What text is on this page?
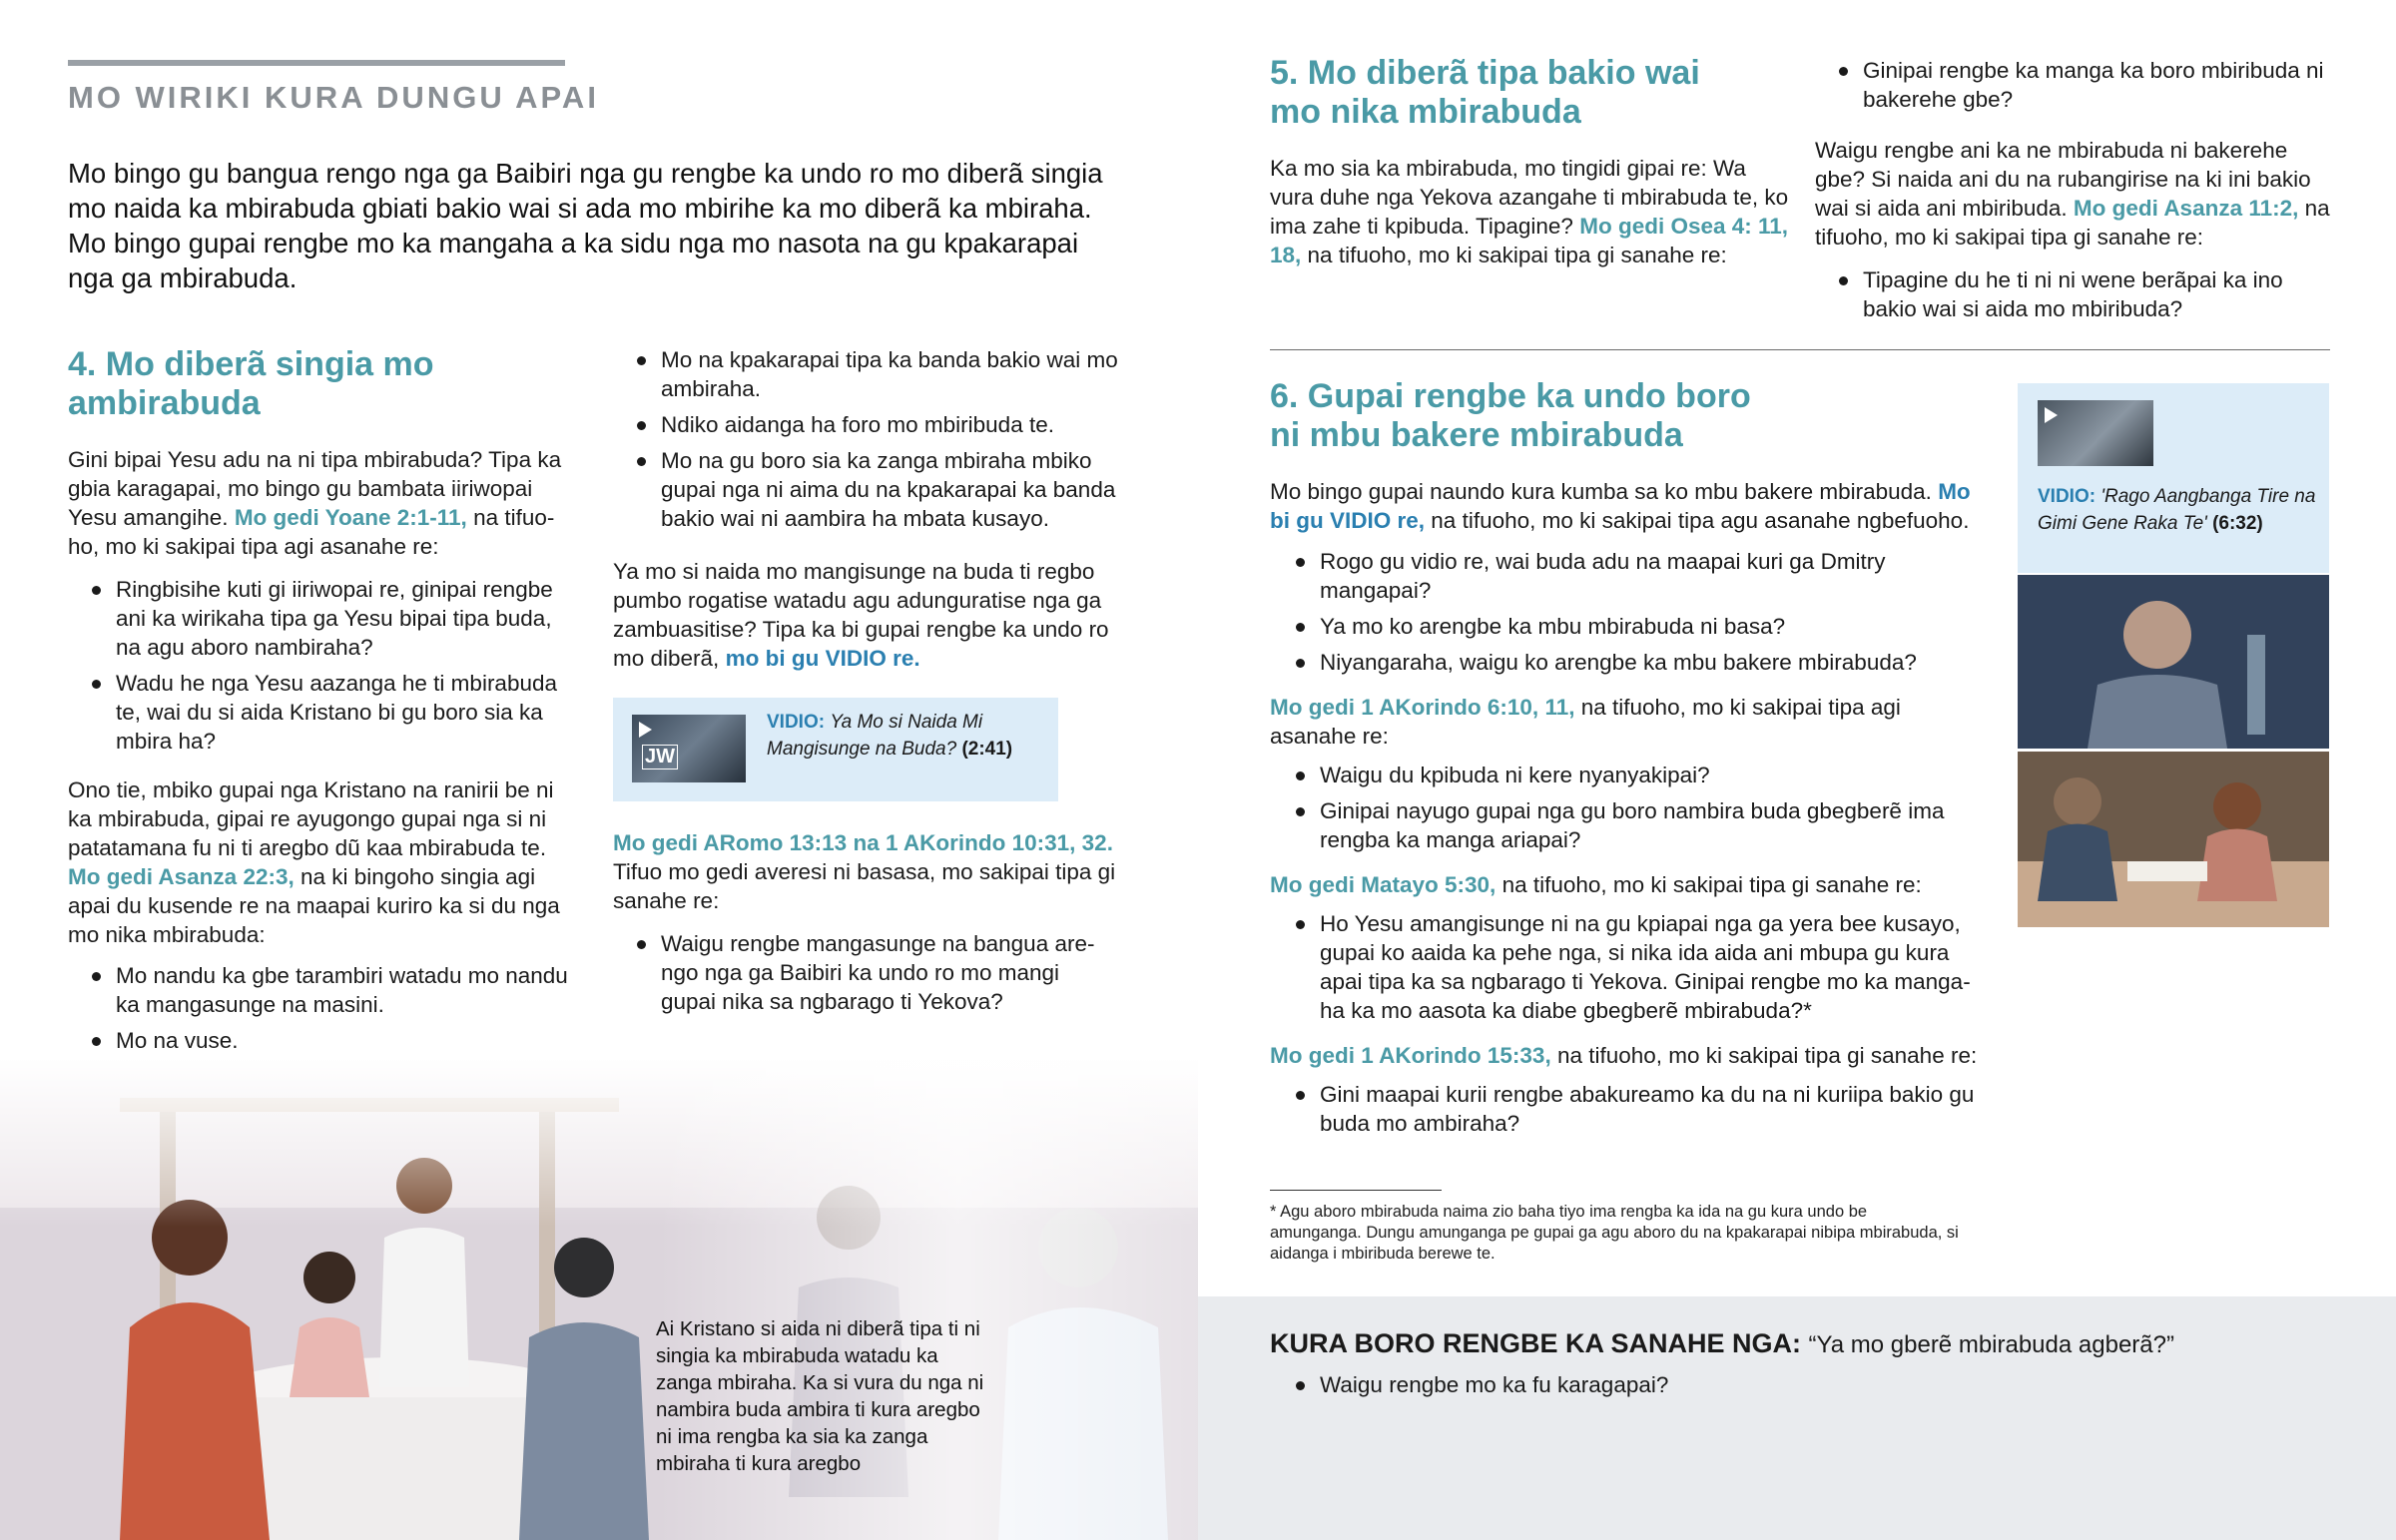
MO WIRIKI KURA DUNGU APAI
Mo bingo gu bangua rengo nga ga Baibiri nga gu rengbe ka undo ro mo diberã singia mo naida ka mbirabuda gbiati bakio wai si ada mo mbirihe ka mo diberã ka mbiraha. Mo bingo gupai rengbe mo ka mangaha a ka sidu nga mo nasota na gu kpakarapai nga ga mbirabuda.
4. Mo diberã singia mo ambirabuda

Gini bipai Yesu adu na ni tipa mbirabuda? Tipa ka gbia karagapai, mo bingo gu bambata iiriwopai Yesu amangihe. Mo gedi Yoane 2:1-11, na tifuoho, mo ki sakipai tipa agi asanahe re:

Ringbisihe kuti gi iiriwopai re, ginipai rengbe ani ka wirikaha tipa ga Yesu bipai tipa buda, na agu aboro nambiraha?
Wadu he nga Yesu aazanga he ti mbirabuda te, wai du si aida Kristano bi gu boro sia ka mbira ha?

Ono tie, mbiko gupai nga Kristano na ranirii be ni ka mbirabuda, gipai re ayugongo gupai nga si ni patatamana fu ni ti aregbo dũ kaa mbirabuda te. Mo gedi Asanza 22:3, na ki bingoho singia agi apai du kusende re na maapai kuriro ka si du nga mo nika mbirabuda:

Mo nandu ka gbe tarambiri watadu mo nandu ka mangasunge na masini.
Mo na vuse.
Mo na kpakarapai tipa ka banda bakio wai mo ambiraha.
Ndiko aidanga ha foro mo mbiribuda te.
Mo na gu boro sia ka zanga mbiraha mbiko gupai nga ni aima du na kpakarapai ka banda bakio wai ni aambira ha mbata kusayo.

Ya mo si naida mo mangisunge na buda ti regbo pumbo rogatise watadu agu adunguratise nga ga zambuasitise? Tipa ka bi gupai rengbe ka undo ro mo diberã, mo bi gu VIDIO re.

JW
VIDIO: Ya Mo si Naida Mi Mangisunge na Buda? (2:41)

Mo gedi ARomo 13:13 na 1 AKorindo 10:31, 32.
Tifuo mo gedi averesi ni basasa, mo sakipai tipa gi sanahe re:

Waigu rengbe mangasunge na bangua arengo nga ga Baibiri ka undo ro mo mangi gupai nika sa ngbarago ti Yekova?
Ai Kristano si aida ni diberã tipa ti ni singia ka mbirabuda watadu ka zanga mbiraha. Ka si vura du nga ni nambira buda ambira ti kura aregbo ni ima rengba ka sia ka zanga mbiraha ti kura aregbo
5. Mo diberã tipa bakio wai mo nika mbirabuda

Ka mo sia ka mbirabuda, mo tingidi gipai re: Wa vura duhe nga Yekova azangahe ti mbirabuda te, ko ima zahe ti kpibuda. Tipagine? Mo gedi Osea 4: 11, 18, na tifuoho, mo ki sakipai tipa gi sanahe re:

Ginipai rengbe ka manga ka boro mbiribuda ni bakerehe gbe?

Waigu rengbe ani ka ne mbirabuda ni bakerehe gbe? Si naida ani du na rubangirise na ki ini bakio wai si aida ani mbiribuda. Mo gedi Asanza 11:2, na tifuoho, mo ki sakipai tipa gi sanahe re:

Tipagine du he ti ni ni wene berãpai ka ino bakio wai si aida mo mbiribuda?
6. Gupai rengbe ka undo boro ni mbu bakere mbirabuda

Mo bingo gupai naundo kura kumba sa ko mbu bakere mbirabuda. Mo bi gu VIDIO re, na tifuoho, mo ki sakipai tipa agu asanahe ngbefuoho.

Rogo gu vidio re, wai buda adu na maapai kuri ga Dmitry mangapai?
Ya mo ko arengbe ka mbu mbirabuda ni basa?
Niyangaraha, waigu ko arengbe ka mbu bakere mbirabuda?

Mo gedi 1 AKorindo 6:10, 11, na tifuoho, mo ki sakipai tipa agi asanahe re:

Waigu du kpibuda ni kere nyanyakipai?
Ginipai nayugo gupai nga gu boro nambira buda gbegberẽ ima rengba ka manga ariapai?

Mo gedi Matayo 5:30, na tifuoho, mo ki sakipai tipa gi sanahe re:

Ho Yesu amangisunge ni na gu kpiapai nga ga yera bee kusayo, gupai ko aaida ka pehe nga, si nika ida aida ani mbupa gu kura apai tipa ka sa ngbarago ti Yekova. Ginipai rengbe mo ka mangaha ka mo aasota ka diabe gbegberẽ mbirabuda?*

Mo gedi 1 AKorindo 15:33, na tifuoho, mo ki sakipai tipa gi sanahe re:

Gini maapai kurii rengbe abakureamo ka du na ni kuriipa bakio gu buda mo ambiraha?
* Agu aboro mbirabuda naima zio baha tiyo ima rengba ka ida na gu kura undo be amunganga. Dungu amunganga pe gupai ga agu aboro du na kpakarapai nibipa mbirabuda, si aidanga i mbiribuda berewe te.
VIDIO: 'Rago Aangbanga Tire na Gimi Gene Raka Te' (6:32)
KURA BORO RENGBE KA SANAHE NGA: “Ya mo gberẽ mbirabuda agberã?”
Waigu rengbe mo ka fu karagapai?
